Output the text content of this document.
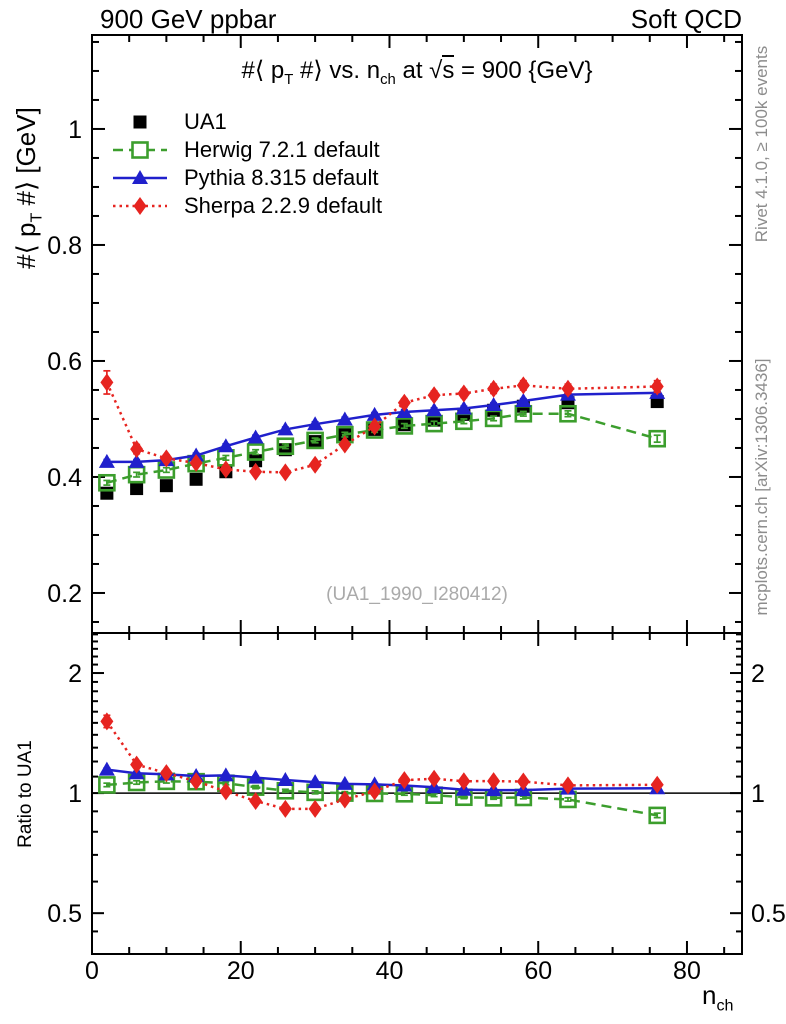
900 GeV ppbar	Soft QCD
#⟨ $p_T$ #⟩ [GeV]
Ratio to UA1
Rivet 4.1.0, ≥ 100k events
mcplots.cern.ch [arXiv:1306.3436]
#⟨ $p_T$ #⟩ vs. $n_{ch}$ at √s = 900 {GeV}
(UA1_1990_I280412)
$n_{ch}$
0	20	40	60	80
0.2
0.4
0.6
0.8
1
0.5	0.5
1	1
2	2
UA1
Herwig 7.2.1 default
Pythia 8.315 default
Sherpa 2.2.9 default
